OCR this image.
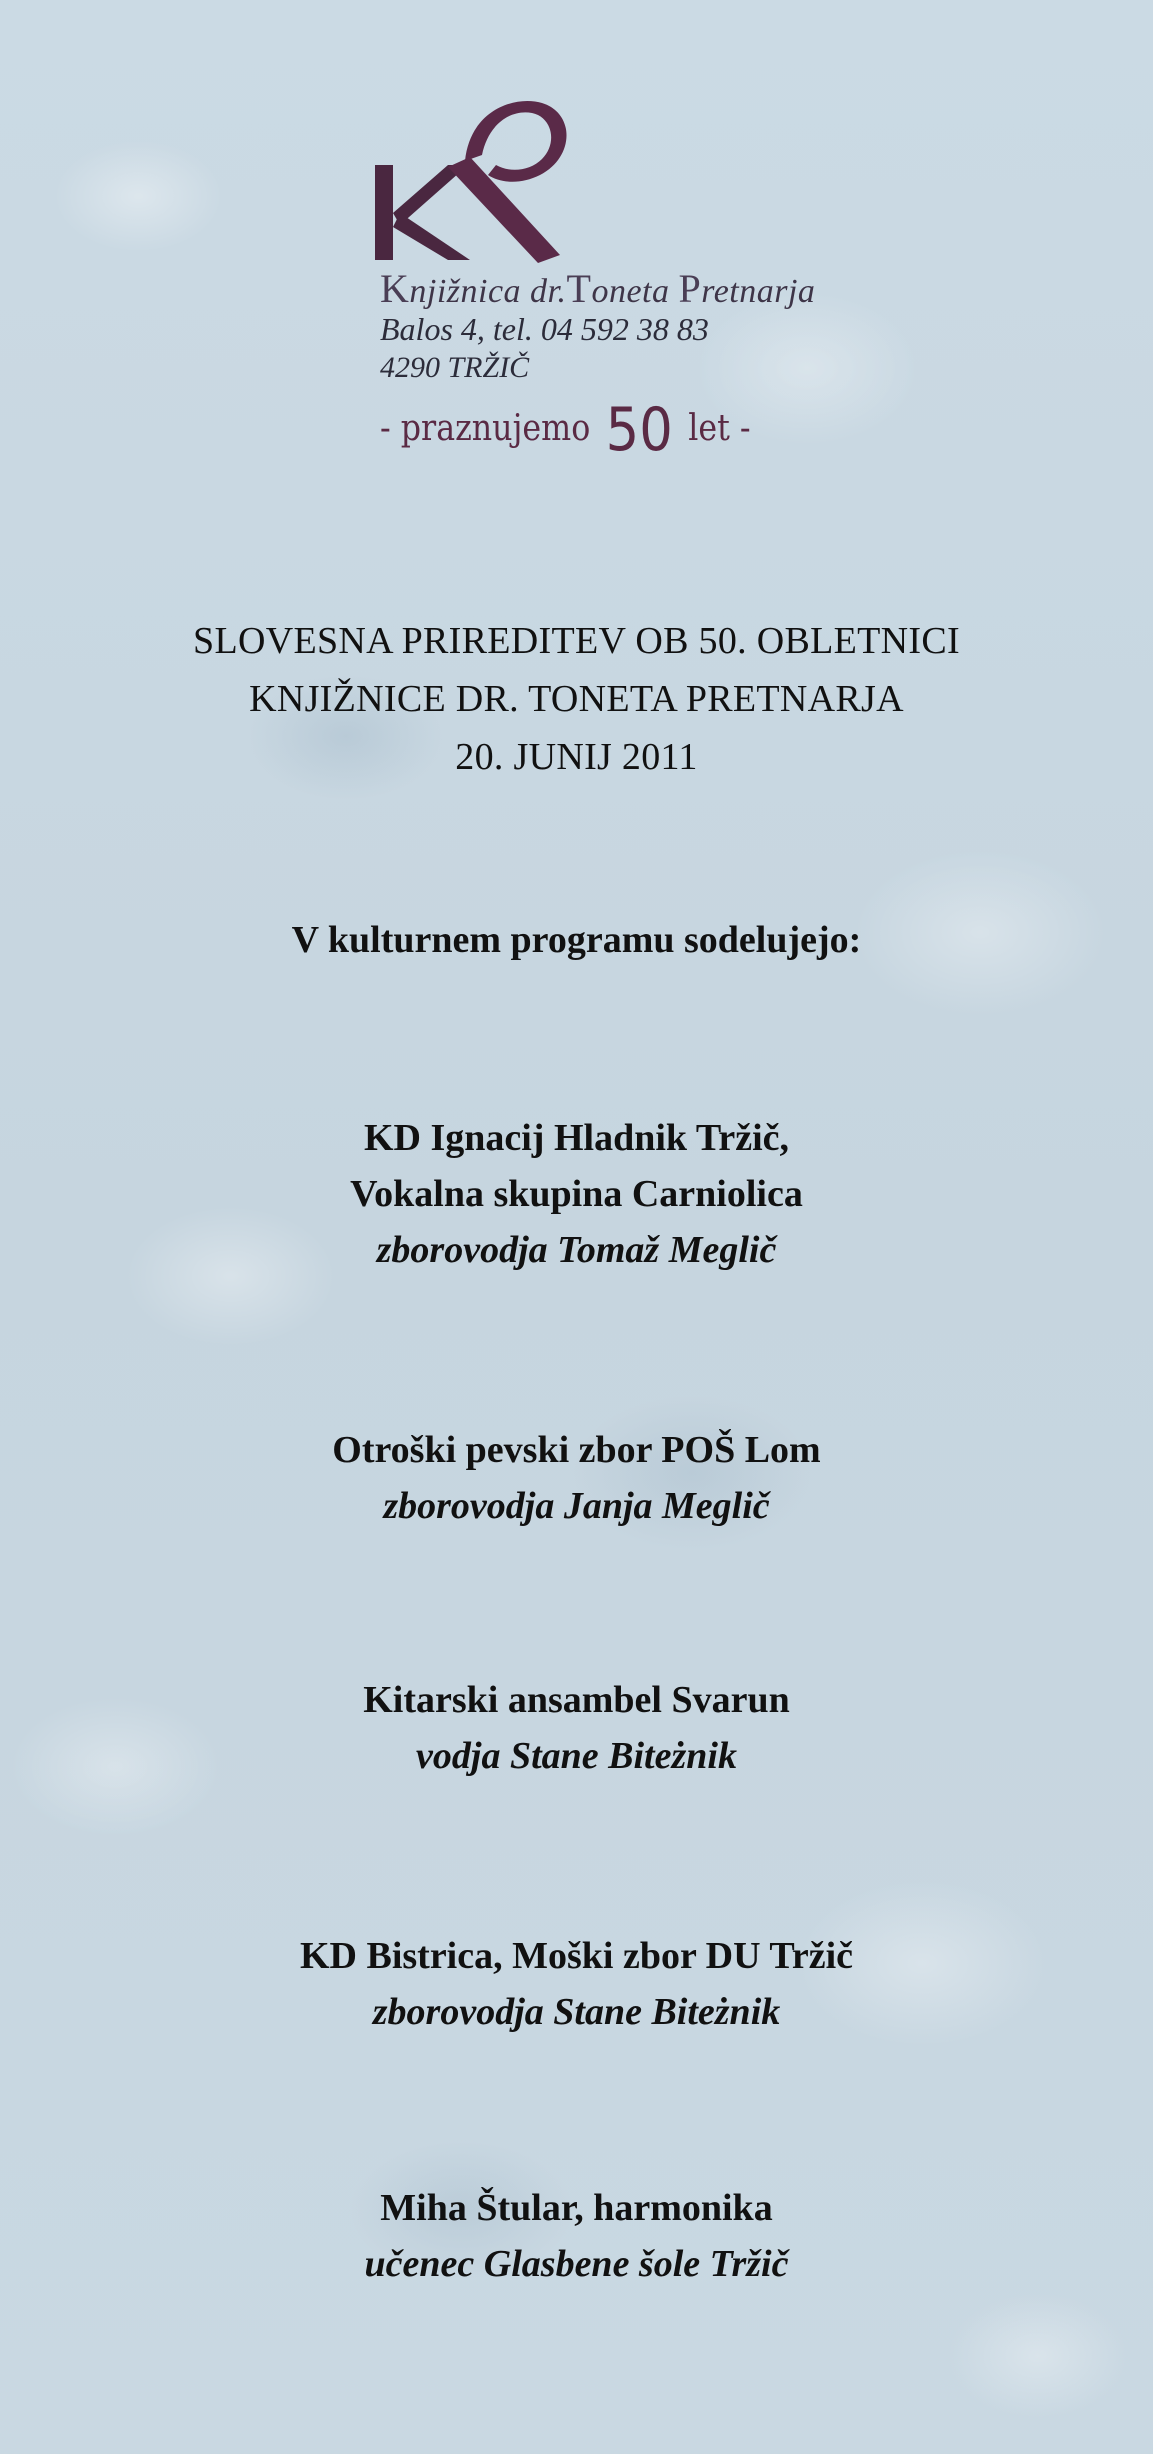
Knjižnica dr.Toneta Pretnarja
Balos 4, tel. 04 592 38 83
4290 TRŽIČ
- praznujemo 50 let -
SLOVESNA PRIREDITEV OB 50. OBLETNICI
KNJIŽNICE DR. TONETA PRETNARJA
20. JUNIJ 2011
V kulturnem programu sodelujejo:
KD Ignacij Hladnik Tržič,
Vokalna skupina Carniolica
zborovodja Tomaž Meglič
Otroški pevski zbor POŠ Lom
zborovodja Janja Meglič
Kitarski ansambel Svarun
vodja Stane Biteżnik
KD Bistrica, Moški zbor DU Tržič
zborovodja Stane Biteżnik
Miha Štular, harmonika
učenec Glasbene šole Tržič
